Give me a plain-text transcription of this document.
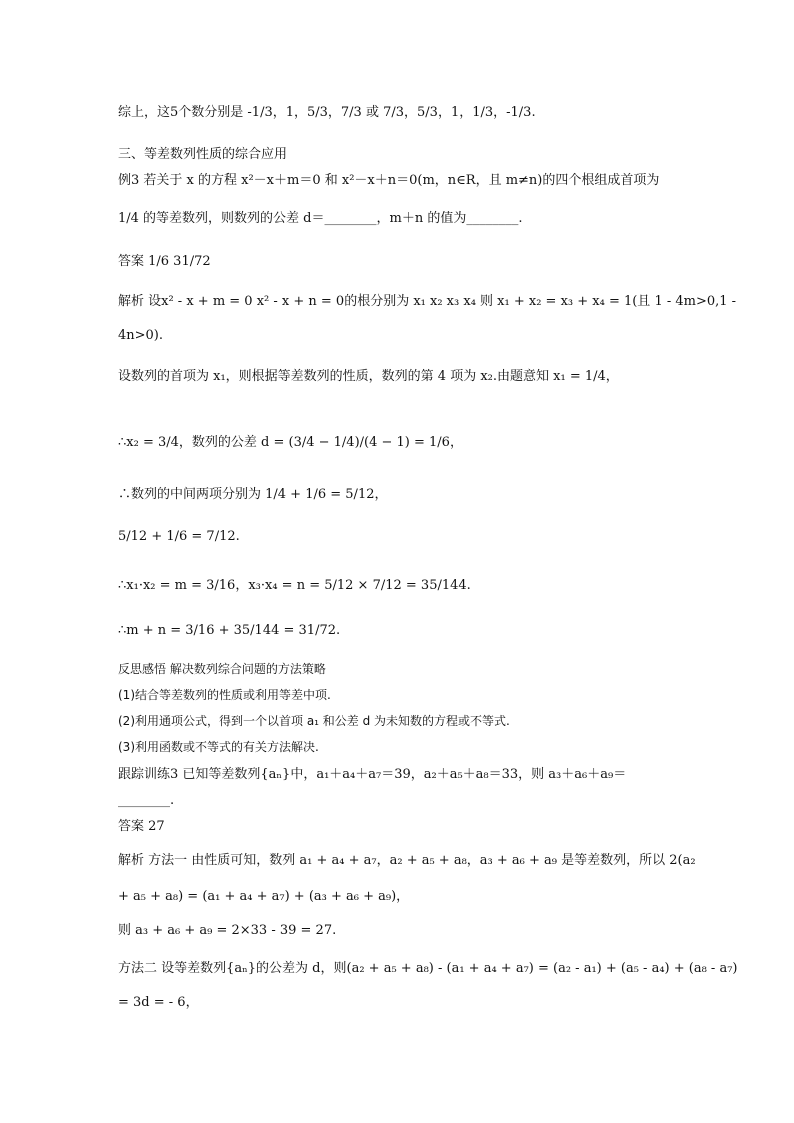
综上，这5个数分别是 -1/3，1，5/3，7/3 或 7/3，5/3，1，1/3，-1/3.
三、等差数列性质的综合应用
例3 若关于 x 的方程 x²－x＋m＝0 和 x²－x＋n＝0(m，n∈R，且 m≠n)的四个根组成首项为
1/4 的等差数列，则数列的公差 d＝________，m＋n 的值为________.
答案 1/6 31/72
解析 设x² - x + m = 0 x² - x + n = 0的根分别为 x₁ x₂ x₃ x₄ 则 x₁ + x₂ = x₃ + x₄ = 1(且 1 - 4m>0,1 -
4n>0).
设数列的首项为 x₁，则根据等差数列的性质，数列的第 4 项为 x₂.由题意知 x₁ = 1/4，
∴x₂ = 3/4，数列的公差 d = (3/4 − 1/4)/(4 − 1) = 1/6，
∴数列的中间两项分别为 1/4 + 1/6 = 5/12，
5/12 + 1/6 = 7/12.
∴x₁·x₂ = m = 3/16，x₃·x₄ = n = 5/12 × 7/12 = 35/144.
∴m + n = 3/16 + 35/144 = 31/72.
反思感悟 解决数列综合问题的方法策略
(1)结合等差数列的性质或利用等差中项.
(2)利用通项公式，得到一个以首项 a₁ 和公差 d 为未知数的方程或不等式.
(3)利用函数或不等式的有关方法解决.
跟踪训练3 已知等差数列{aₙ}中，a₁＋a₄＋a₇＝39，a₂＋a₅＋a₈＝33，则 a₃＋a₆＋a₉＝
________.
答案 27
解析 方法一 由性质可知，数列 a₁ + a₄ + a₇，a₂ + a₅ + a₈，a₃ + a₆ + a₉ 是等差数列，所以 2(a₂
+ a₅ + a₈) = (a₁ + a₄ + a₇) + (a₃ + a₆ + a₉)，
则 a₃ + a₆ + a₉ = 2×33 - 39 = 27.
方法二 设等差数列{aₙ}的公差为 d，则(a₂ + a₅ + a₈) - (a₁ + a₄ + a₇) = (a₂ - a₁) + (a₅ - a₄) + (a₈ - a₇)
= 3d = - 6，
